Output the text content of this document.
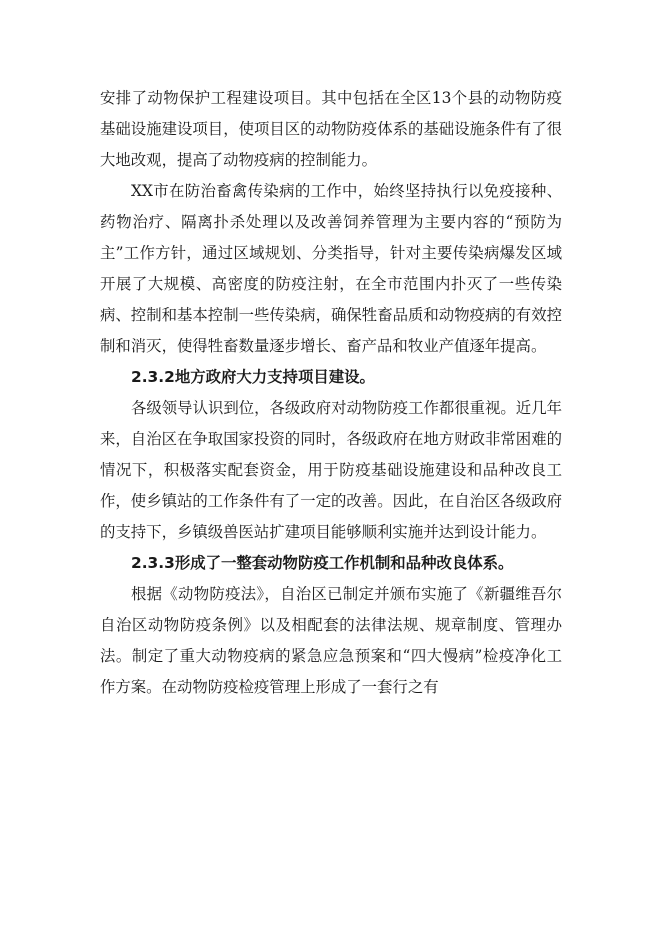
安排了动物保护工程建设项目。其中包括在全区13个县的动物防疫基础设施建设项目，使项目区的动物防疫体系的基础设施条件有了很大地改观，提高了动物疫病的控制能力。

XX市在防治畜禽传染病的工作中，始终坚持执行以免疫接种、药物治疗、隔离扑杀处理以及改善饲养管理为主要内容的“预防为主”工作方针，通过区域规划、分类指导，针对主要传染病爆发区域开展了大规模、高密度的防疫注射，在全市范围内扑灭了一些传染病、控制和基本控制一些传染病，确保牲畜品质和动物疫病的有效控制和消灭，使得牲畜数量逐步增长、畜产品和牧业产值逐年提高。

2.3.2地方政府大力支持项目建设。

各级领导认识到位，各级政府对动物防疫工作都很重视。近几年来，自治区在争取国家投资的同时，各级政府在地方财政非常困难的情况下，积极落实配套资金，用于防疫基础设施建设和品种改良工作，使乡镇站的工作条件有了一定的改善。因此，在自治区各级政府的支持下，乡镇级兽医站扩建项目能够顺利实施并达到设计能力。

2.3.3形成了一整套动物防疫工作机制和品种改良体系。

根据《动物防疫法》，自治区已制定并颁布实施了《新疆维吾尔自治区动物防疫条例》以及相配套的法律法规、规章制度、管理办法。制定了重大动物疫病的紧急应急预案和“四大慢病”检疫净化工作方案。在动物防疫检疫管理上形成了一套行之有
